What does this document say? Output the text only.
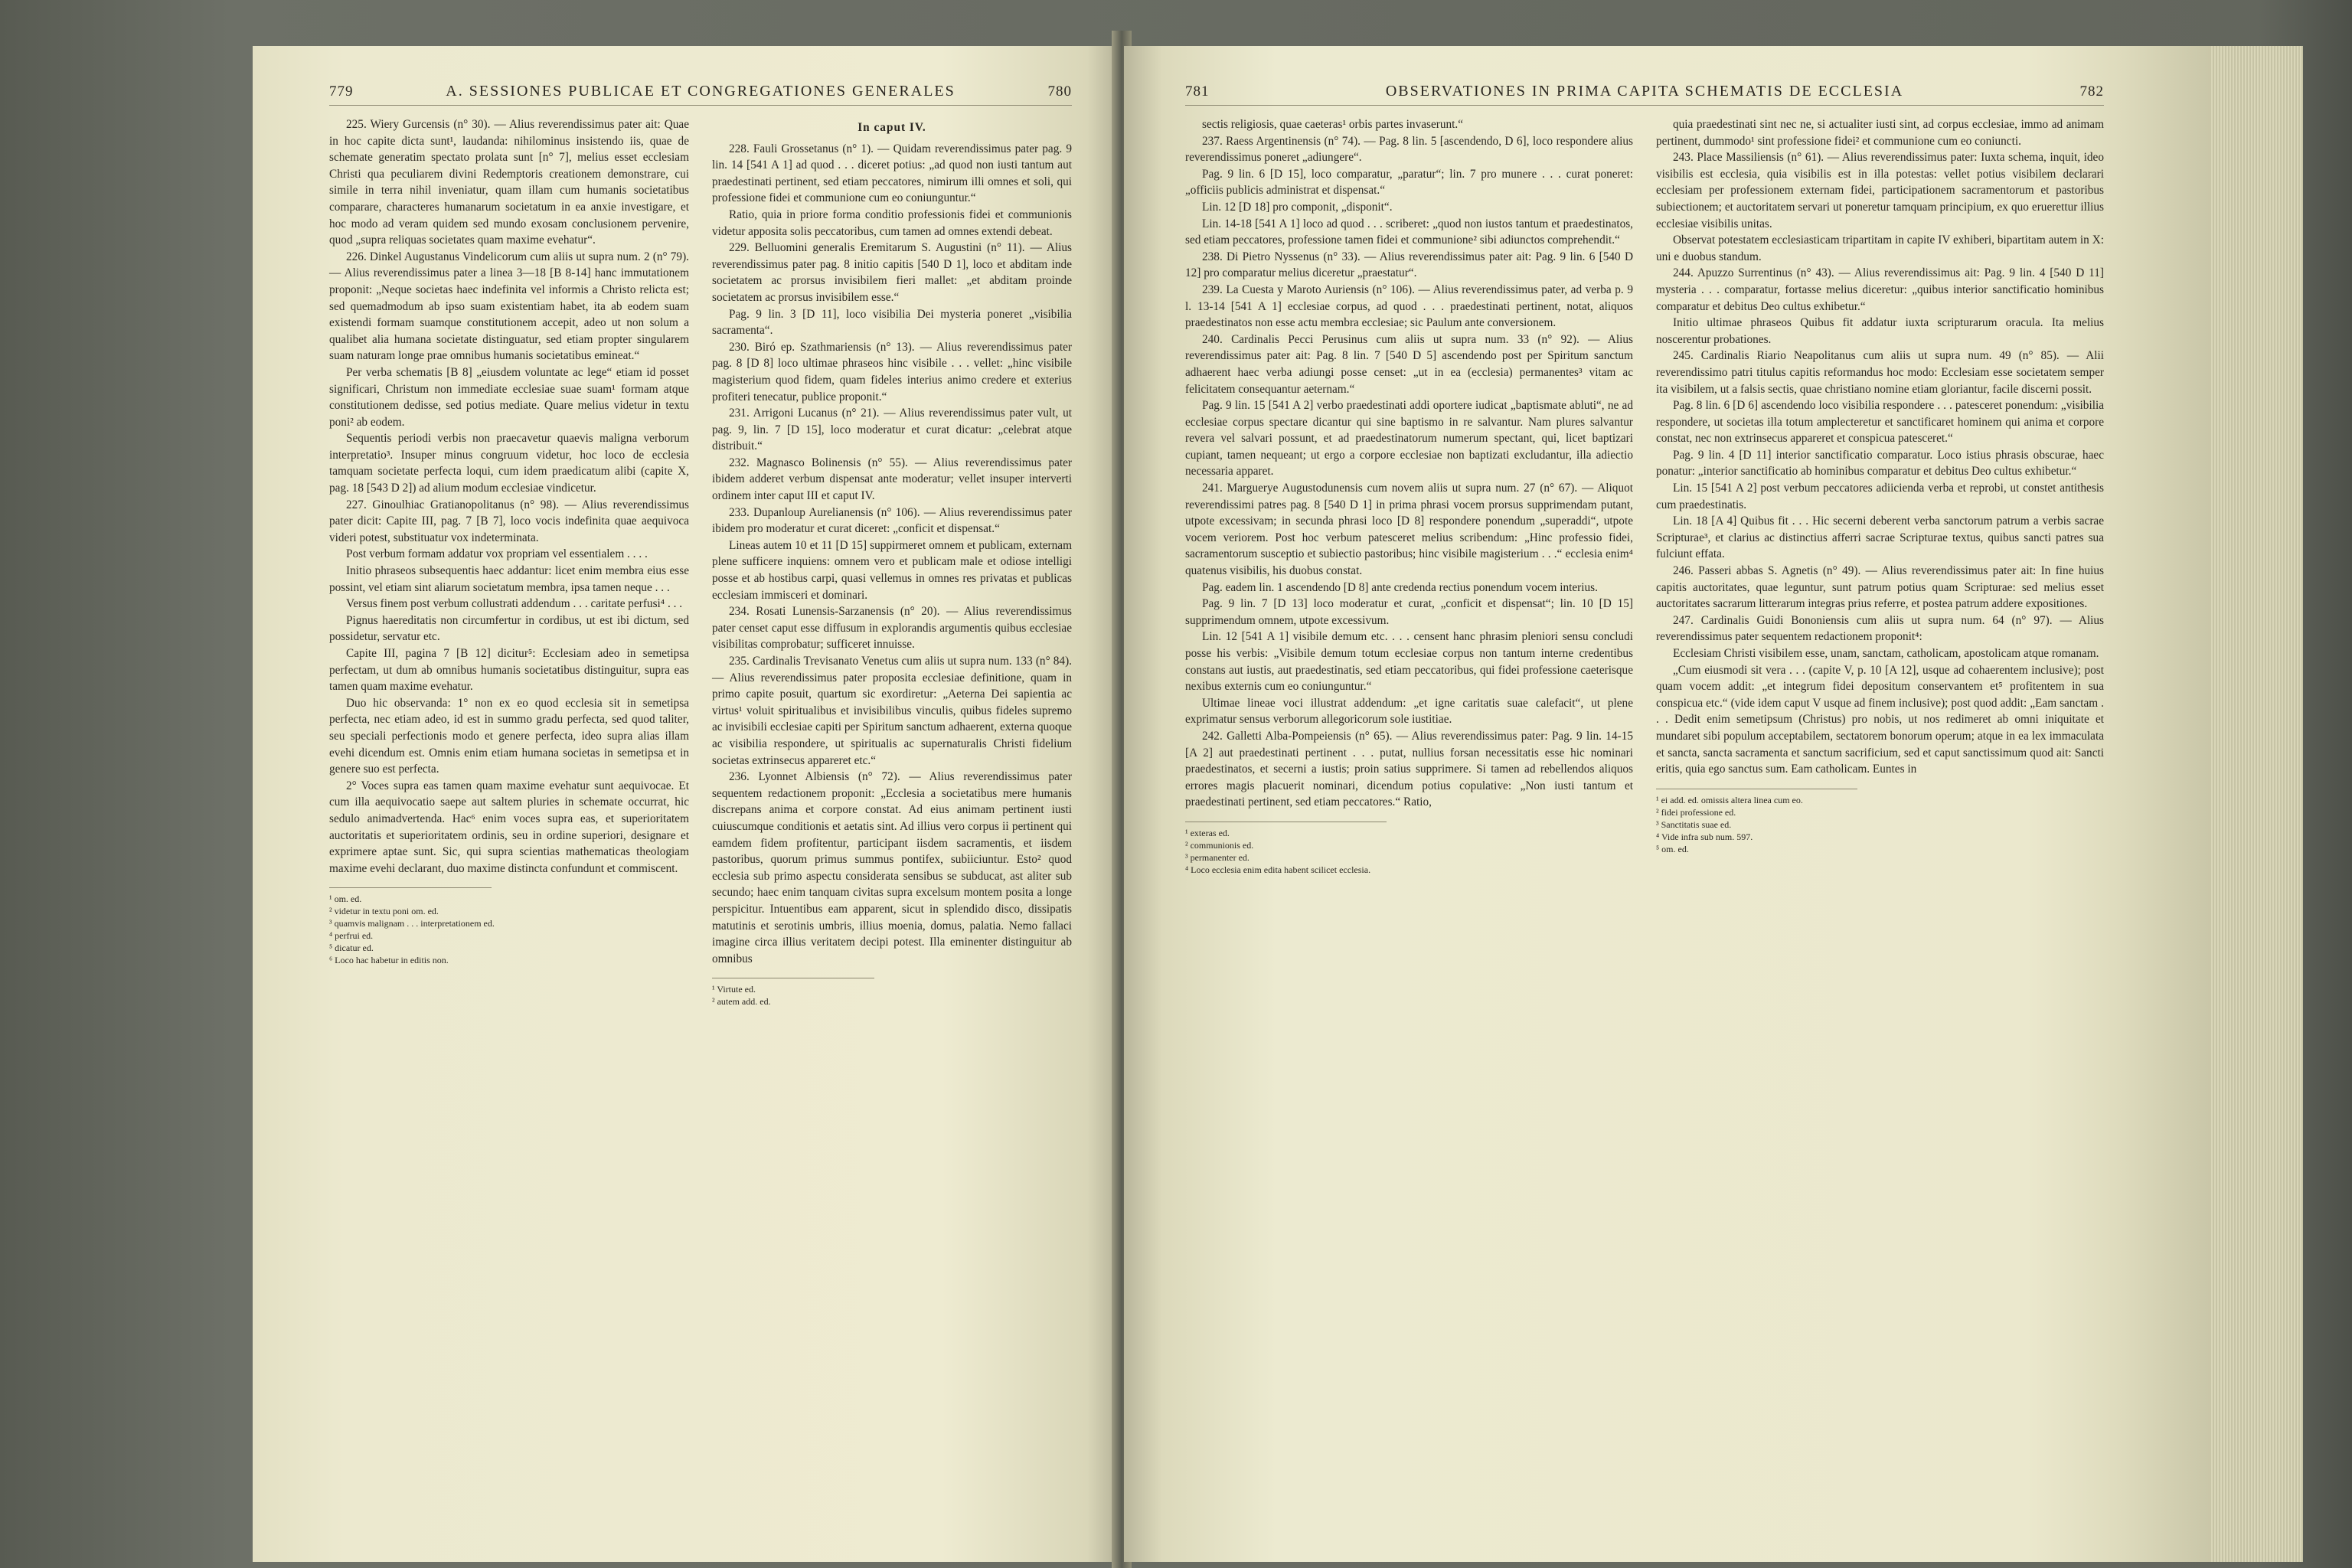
779	A. SESSIONES PUBLICAE ET CONGREGATIONES GENERALES	780

225. Wiery Gurcensis (n° 30). — Alius reverendissimus pater ait: Quae in hoc capite dicta sunt¹, laudanda: nihilominus insistendo iis, quae de schemate generatim spectato prolata sunt [n° 7], melius esset ecclesiam Christi qua peculiarem divini Redemptoris creationem demonstrare, cui simile in terra nihil inveniatur, quam illam cum humanis societatibus comparare, characteres humanarum societatum in ea anxie investigare, et hoc modo ad veram quidem sed mundo exosam conclusionem pervenire, quod „supra reliquas societates quam maxime evehatur“.

226. Dinkel Augustanus Vindelicorum cum aliis ut supra num. 2 (n° 79). — Alius reverendissimus pater a linea 3—18 [B 8-14] hanc immutationem proponit: „Neque societas haec indefinita vel informis a Christo relicta est; sed quemadmodum ab ipso suam existentiam habet, ita ab eodem suam existendi formam suamque constitutionem accepit, adeo ut non solum a qualibet alia humana societate distinguatur, sed etiam propter singularem suam naturam longe prae omnibus humanis societatibus emineat.“

Per verba schematis [B 8] „eiusdem voluntate ac lege“ etiam id posset significari, Christum non immediate ecclesiae suae suam¹ formam atque constitutionem dedisse, sed potius mediate. Quare melius videtur in textu poni² ab eodem.

Sequentis periodi verbis non praecavetur quaevis maligna verborum interpretatio³. Insuper minus congruum videtur, hoc loco de ecclesia tamquam societate perfecta loqui, cum idem praedicatum alibi (capite X, pag. 18 [543 D 2]) ad alium modum ecclesiae vindicetur.

227. Ginoulhiac Gratianopolitanus (n° 98). — Alius reverendissimus pater dicit: Capite III, pag. 7 [B 7], loco vocis indefinita quae aequivoca videri potest, substituatur vox indeterminata.

Post verbum formam addatur vox propriam vel essentialem . . . .

Initio phraseos subsequentis haec addantur: licet enim membra eius esse possint, vel etiam sint aliarum societatum membra, ipsa tamen neque . . .

Versus finem post verbum collustrati addendum . . . caritate perfusi⁴ . . .

Pignus haereditatis non circumfertur in cordibus, ut est ibi dictum, sed possidetur, servatur etc.

Capite III, pagina 7 [B 12] dicitur⁵: Ecclesiam adeo in semetipsa perfectam, ut dum ab omnibus humanis societatibus distinguitur, supra eas tamen quam maxime evehatur.

Duo hic observanda: 1° non ex eo quod ecclesia sit in semetipsa perfecta, nec etiam adeo, id est in summo gradu perfecta, sed quod taliter, seu speciali perfectionis modo et genere perfecta, ideo supra alias illam evehi dicendum est. Omnis enim etiam humana societas in semetipsa et in genere suo est perfecta.

2° Voces supra eas tamen quam maxime evehatur sunt aequivocae. Et cum illa aequivocatio saepe aut saltem pluries in schemate occurrat, hic sedulo animadvertenda. Hac⁶ enim voces supra eas, et superioritatem auctoritatis et superioritatem ordinis, seu in ordine superiori, designare et exprimere aptae sunt. Sic, qui supra scientias mathematicas theologiam maxime evehi declarant, duo maxime distincta confundunt et commiscent.

¹ om. ed.
² videtur in textu poni om. ed.
³ quamvis malignam . . . interpretationem ed.
⁴ perfrui ed.
⁵ dicatur ed.
⁶ Loco hac habetur in editis non.

In caput IV.

228. Fauli Grossetanus (n° 1). — Quidam reverendissimus pater pag. 9 lin. 14 [541 A 1] ad quod . . . diceret potius: „ad quod non iusti tantum aut praedestinati pertinent, sed etiam peccatores, nimirum illi omnes et soli, qui professione fidei et communione cum eo coniunguntur.“

Ratio, quia in priore forma conditio professionis fidei et communionis videtur apposita solis peccatoribus, cum tamen ad omnes extendi debeat.

229. Belluomini generalis Eremitarum S. Augustini (n° 11). — Alius reverendissimus pater pag. 8 initio capitis [540 D 1], loco et abditam inde societatem ac prorsus invisibilem fieri mallet: „et abditam proinde societatem ac prorsus invisibilem esse.“

Pag. 9 lin. 3 [D 11], loco visibilia Dei mysteria poneret „visibilia sacramenta“.

230. Biró ep. Szathmariensis (n° 13). — Alius reverendissimus pater pag. 8 [D 8] loco ultimae phraseos hinc visibile . . . vellet: „hinc visibile magisterium quod fidem, quam fideles interius animo credere et exterius profiteri tenecatur, publice proponit.“

231. Arrigoni Lucanus (n° 21). — Alius reverendissimus pater vult, ut pag. 9, lin. 7 [D 15], loco moderatur et curat dicatur: „celebrat atque distribuit.“

232. Magnasco Bolinensis (n° 55). — Alius reverendissimus pater ibidem adderet verbum dispensat ante moderatur; vellet insuper interverti ordinem inter caput III et caput IV.

233. Dupanloup Aurelianensis (n° 106). — Alius reverendissimus pater ibidem pro moderatur et curat diceret: „conficit et dispensat.“

Lineas autem 10 et 11 [D 15] suppirmeret omnem et publicam, externam plene sufficere inquiens: omnem vero et publicam male et odiose intelligi posse et ab hostibus carpi, quasi vellemus in omnes res privatas et publicas ecclesiam immisceri et dominari.

234. Rosati Lunensis-Sarzanensis (n° 20). — Alius reverendissimus pater censet caput esse diffusum in explorandis argumentis quibus ecclesiae visibilitas comprobatur; sufficeret innuisse.

235. Cardinalis Trevisanato Venetus cum aliis ut supra num. 133 (n° 84). — Alius reverendissimus pater proposita ecclesiae definitione, quam in primo capite posuit, quartum sic exordiretur: „Aeterna Dei sapientia ac virtus¹ voluit spiritualibus et invisibilibus vinculis, quibus fideles supremo ac invisibili ecclesiae capiti per Spiritum sanctum adhaerent, externa quoque ac visibilia respondere, ut spiritualis ac supernaturalis Christi fidelium societas extrinsecus appareret etc.“

236. Lyonnet Albiensis (n° 72). — Alius reverendissimus pater sequentem redactionem proponit: „Ecclesia a societatibus mere humanis discrepans anima et corpore constat. Ad eius animam pertinent iusti cuiuscumque conditionis et aetatis sint. Ad illius vero corpus ii pertinent qui eamdem fidem profitentur, participant iisdem sacramentis, et iisdem pastoribus, quorum primus summus pontifex, subiiciuntur. Esto² quod ecclesia sub primo aspectu considerata sensibus se subducat, ast aliter sub secundo; haec enim tanquam civitas supra excelsum montem posita a longe perspicitur. Intuentibus eam apparent, sicut in splendido disco, dissipatis matutinis et serotinis umbris, illius moenia, domus, palatia. Nemo fallaci imagine circa illius veritatem decipi potest. Illa eminenter distinguitur ab omnibus

¹ Virtute ed.
² autem add. ed.
781	OBSERVATIONES IN PRIMA CAPITA SCHEMATIS DE ECCLESIA	782

sectis religiosis, quae caeteras¹ orbis partes invaserunt.“

237. Raess Argentinensis (n° 74). — Pag. 8 lin. 5 [ascendendo, D 6], loco respondere alius reverendissimus poneret „adiungere“.

Pag. 9 lin. 6 [D 15], loco comparatur, „paratur“; lin. 7 pro munere . . . curat poneret: „officiis publicis administrat et dispensat.“

Lin. 12 [D 18] pro componit, „disponit“.

Lin. 14-18 [541 A 1] loco ad quod . . . scriberet: „quod non iustos tantum et praedestinatos, sed etiam peccatores, professione tamen fidei et communione² sibi adiunctos comprehendit.“

238. Di Pietro Nyssenus (n° 33). — Alius reverendissimus pater ait: Pag. 9 lin. 6 [540 D 12] pro comparatur melius diceretur „praestatur“.

239. La Cuesta y Maroto Auriensis (n° 106). — Alius reverendissimus pater, ad verba p. 9 l. 13-14 [541 A 1] ecclesiae corpus, ad quod . . . praedestinati pertinent, notat, aliquos praedestinatos non esse actu membra ecclesiae; sic Paulum ante conversionem.

240. Cardinalis Pecci Perusinus cum aliis ut supra num. 33 (n° 92). — Alius reverendissimus pater ait: Pag. 8 lin. 7 [540 D 5] ascendendo post per Spiritum sanctum adhaerent haec verba adiungi posse censet: „ut in ea (ecclesia) permanentes³ vitam ac felicitatem consequantur aeternam.“

Pag. 9 lin. 15 [541 A 2] verbo praedestinati addi oportere iudicat „baptismate abluti“, ne ad ecclesiae corpus spectare dicantur qui sine baptismo in re salvantur. Nam plures salvantur revera vel salvari possunt, et ad praedestinatorum numerum spectant, qui, licet baptizari cupiant, tamen nequeant; ut ergo a corpore ecclesiae non baptizati excludantur, illa adiectio necessaria apparet.

241. Marguerye Augustodunensis cum novem aliis ut supra num. 27 (n° 67). — Aliquot reverendissimi patres pag. 8 [540 D 1] in prima phrasi vocem prorsus supprimendam putant, utpote excessivam; in secunda phrasi loco [D 8] respondere ponendum „superaddi“, utpote vocem veriorem. Post hoc verbum patesceret melius scribendum: „Hinc professio fidei, sacramentorum susceptio et subiectio pastoribus; hinc visibile magisterium . . .“ ecclesia enim⁴ quatenus visibilis, his duobus constat.

Pag. eadem lin. 1 ascendendo [D 8] ante credenda rectius ponendum vocem interius.

Pag. 9 lin. 7 [D 13] loco moderatur et curat, „conficit et dispensat“; lin. 10 [D 15] supprimendum omnem, utpote excessivum.

Lin. 12 [541 A 1] visibile demum etc. . . . censent hanc phrasim pleniori sensu concludi posse his verbis: „Visibile demum totum ecclesiae corpus non tantum interne credentibus constans aut iustis, aut praedestinatis, sed etiam peccatoribus, qui fidei professione caeterisque nexibus externis cum eo coniunguntur.“

Ultimae lineae voci illustrat addendum: „et igne caritatis suae calefacit“, ut plene exprimatur sensus verborum allegoricorum sole iustitiae.

242. Galletti Alba-Pompeiensis (n° 65). — Alius reverendissimus pater: Pag. 9 lin. 14-15 [A 2] aut praedestinati pertinent . . . putat, nullius forsan necessitatis esse hic nominari praedestinatos, et secerni a iustis; proin satius supprimere. Si tamen ad rebellendos aliquos errores magis placuerit nominari, dicendum potius copulative: „Non iusti tantum et praedestinati pertinent, sed etiam peccatores.“ Ratio,

¹ exteras ed.
² communionis ed.
³ permanenter ed.
⁴ Loco ecclesia enim edita habent scilicet ecclesia.

quia praedestinati sint nec ne, si actualiter iusti sint, ad corpus ecclesiae, immo ad animam pertinent, dummodo¹ sint professione fidei² et communione cum eo coniuncti.

243. Place Massiliensis (n° 61). — Alius reverendissimus pater: Iuxta schema, inquit, ideo visibilis est ecclesia, quia visibilis est in illa potestas: vellet potius visibilem declarari ecclesiam per professionem externam fidei, participationem sacramentorum et pastoribus subiectionem; et auctoritatem servari ut poneretur tamquam principium, ex quo eruerettur illius ecclesiae visibilis unitas.

Observat potestatem ecclesiasticam tripartitam in capite IV exhiberi, bipartitam autem in X: uni e duobus standum.

244. Apuzzo Surrentinus (n° 43). — Alius reverendissimus ait: Pag. 9 lin. 4 [540 D 11] mysteria . . . comparatur, fortasse melius diceretur: „quibus interior sanctificatio hominibus comparatur et debitus Deo cultus exhibetur.“

Initio ultimae phraseos Quibus fit addatur iuxta scripturarum oracula. Ita melius noscerentur probationes.

245. Cardinalis Riario Neapolitanus cum aliis ut supra num. 49 (n° 85). — Alii reverendissimo patri titulus capitis reformandus hoc modo: Ecclesiam esse societatem semper ita visibilem, ut a falsis sectis, quae christiano nomine etiam gloriantur, facile discerni possit.

Pag. 8 lin. 6 [D 6] ascendendo loco visibilia respondere . . . patesceret ponendum: „visibilia respondere, ut societas illa totum amplecteretur et sanctificaret hominem qui anima et corpore constat, nec non extrinsecus appareret et conspicua patesceret.“

Pag. 9 lin. 4 [D 11] interior sanctificatio comparatur. Loco istius phrasis obscurae, haec ponatur: „interior sanctificatio ab hominibus comparatur et debitus Deo cultus exhibetur.“

Lin. 15 [541 A 2] post verbum peccatores adiicienda verba et reprobi, ut constet antithesis cum praedestinatis.

Lin. 18 [A 4] Quibus fit . . . Hic secerni deberent verba sanctorum patrum a verbis sacrae Scripturae³, et clarius ac distinctius afferri sacrae Scripturae textus, quibus sancti patres sua fulciunt effata.

246. Passeri abbas S. Agnetis (n° 49). — Alius reverendissimus pater ait: In fine huius capitis auctoritates, quae leguntur, sunt patrum potius quam Scripturae: sed melius esset auctoritates sacrarum litterarum integras prius referre, et postea patrum addere expositiones.

247. Cardinalis Guidi Bononiensis cum aliis ut supra num. 64 (n° 97). — Alius reverendissimus pater sequentem redactionem proponit⁴:

Ecclesiam Christi visibilem esse, unam, sanctam, catholicam, apostolicam atque romanam.

„Cum eiusmodi sit vera . . . (capite V, p. 10 [A 12], usque ad cohaerentem inclusive); post quam vocem addit: „et integrum fidei depositum conservantem et⁵ profitentem in sua conspicua etc.“ (vide idem caput V usque ad finem inclusive); post quod addit: „Eam sanctam . . . Dedit enim semetipsum (Christus) pro nobis, ut nos redimeret ab omni iniquitate et mundaret sibi populum acceptabilem, sectatorem bonorum operum; atque in ea lex immaculata et sancta, sancta sacramenta et sanctum sacrificium, sed et caput sanctissimum quod ait: Sancti eritis, quia ego sanctus sum. Eam catholicam. Euntes in

¹ ei add. ed. omissis altera linea cum eo.
² fidei professione ed.
³ Sanctitatis suae ed.
⁴ Vide infra sub num. 597.
⁵ om. ed.
